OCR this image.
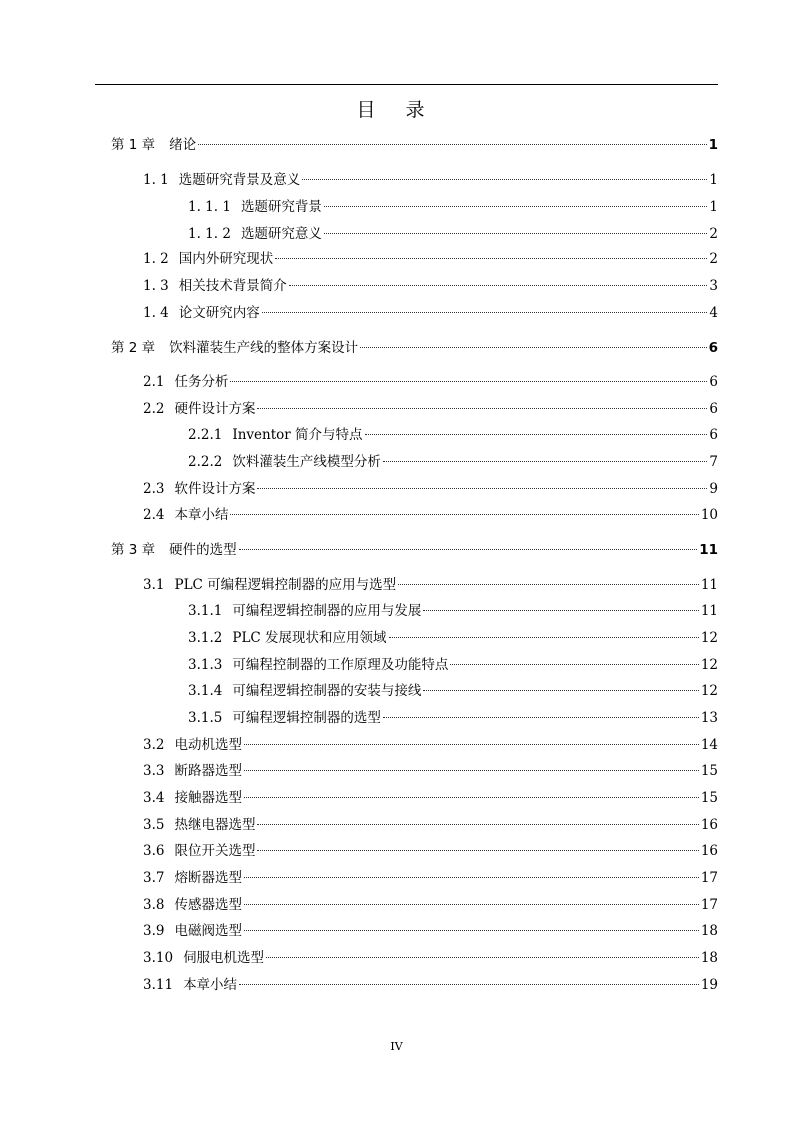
目 录
第 1 章 绪论	1
1. 1 选题研究背景及意义	1
1. 1. 1 选题研究背景	1
1. 1. 2 选题研究意义	2
1. 2 国内外研究现状	2
1. 3 相关技术背景简介	3
1. 4 论文研究内容	4
第 2 章 饮料灌装生产线的整体方案设计	6
2.1 任务分析	6
2.2 硬件设计方案	6
2.2.1 Inventor 简介与特点	6
2.2.2 饮料灌装生产线模型分析	7
2.3 软件设计方案	9
2.4 本章小结	10
第 3 章 硬件的选型	11
3.1 PLC 可编程逻辑控制器的应用与选型	11
3.1.1 可编程逻辑控制器的应用与发展	11
3.1.2 PLC 发展现状和应用领域	12
3.1.3 可编程控制器的工作原理及功能特点	12
3.1.4 可编程逻辑控制器的安装与接线	12
3.1.5 可编程逻辑控制器的选型	13
3.2 电动机选型	14
3.3 断路器选型	15
3.4 接触器选型	15
3.5 热继电器选型	16
3.6 限位开关选型	16
3.7 熔断器选型	17
3.8 传感器选型	17
3.9 电磁阀选型	18
3.10 伺服电机选型	18
3.11 本章小结	19
IV
